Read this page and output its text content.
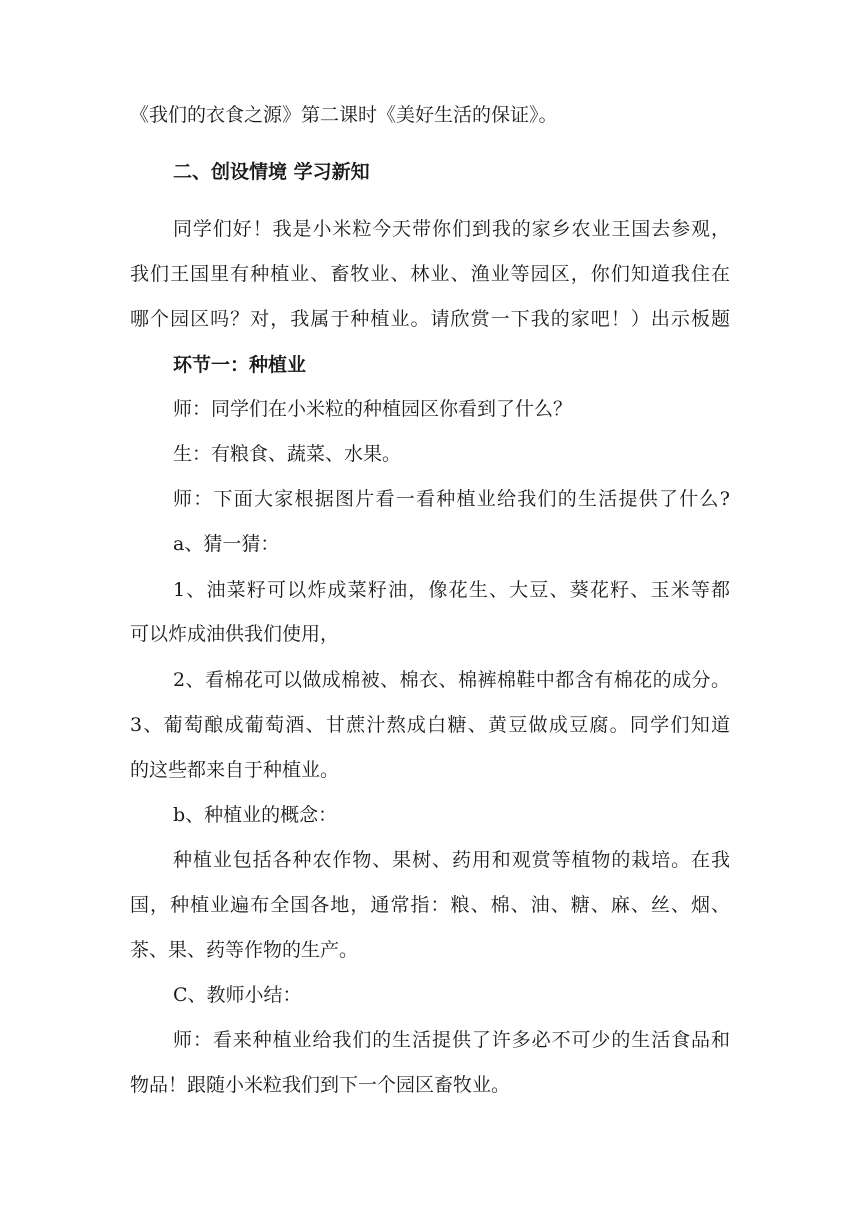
《我们的衣食之源》第二课时《美好生活的保证》。
二、创设情境 学习新知
同学们好！我是小米粒今天带你们到我的家乡农业王国去参观，
我们王国里有种植业、畜牧业、林业、渔业等园区，你们知道我住在
哪个园区吗？对，我属于种植业。请欣赏一下我的家吧！）出示板题
环节一：种植业
师：同学们在小米粒的种植园区你看到了什么？
生：有粮食、蔬菜、水果。
师：下面大家根据图片看一看种植业给我们的生活提供了什么?
a、猜一猜：
1、油菜籽可以炸成菜籽油，像花生、大豆、葵花籽、玉米等都
可以炸成油供我们使用，
2、看棉花可以做成棉被、棉衣、棉裤棉鞋中都含有棉花的成分。
3、葡萄酿成葡萄酒、甘蔗汁熬成白糖、黄豆做成豆腐。同学们知道
的这些都来自于种植业。
b、种植业的概念：
种植业包括各种农作物、果树、药用和观赏等植物的栽培。在我
国，种植业遍布全国各地，通常指：粮、棉、油、糖、麻、丝、烟、
茶、果、药等作物的生产。
C、教师小结：
师：看来种植业给我们的生活提供了许多必不可少的生活食品和
物品！跟随小米粒我们到下一个园区畜牧业。
